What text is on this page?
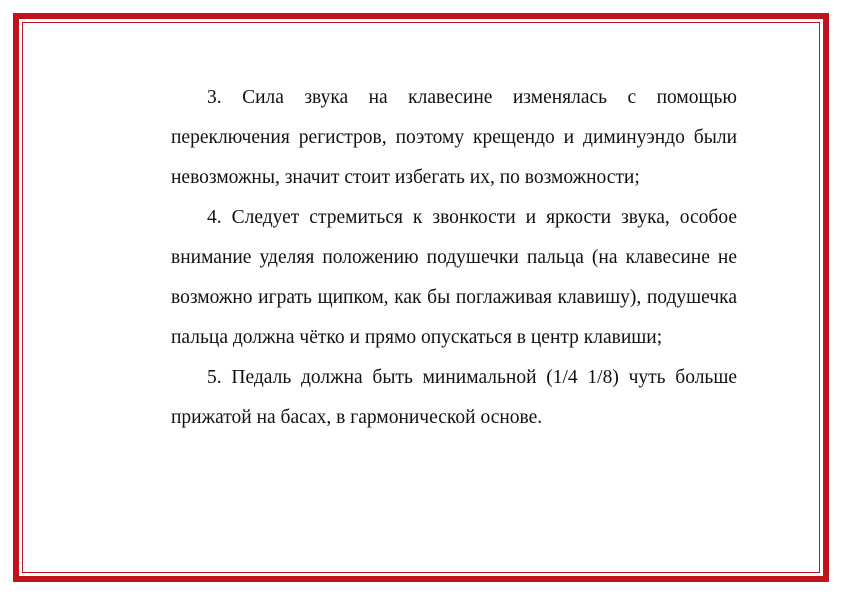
3. Сила звука на клавесине изменялась с помощью переключения регистров, поэтому крещендо и диминуэндо были невозможны, значит стоит избегать их, по возможности;

4. Следует стремиться к звонкости и яркости звука, особое внимание уделяя положению подушечки пальца (на клавесине не возможно играть щипком, как бы поглаживая клавишу), подушечка пальца должна чётко и прямо опускаться в центр клавиши;

5. Педаль должна быть минимальной (1/4 1/8) чуть больше прижатой на басах, в гармонической основе.
